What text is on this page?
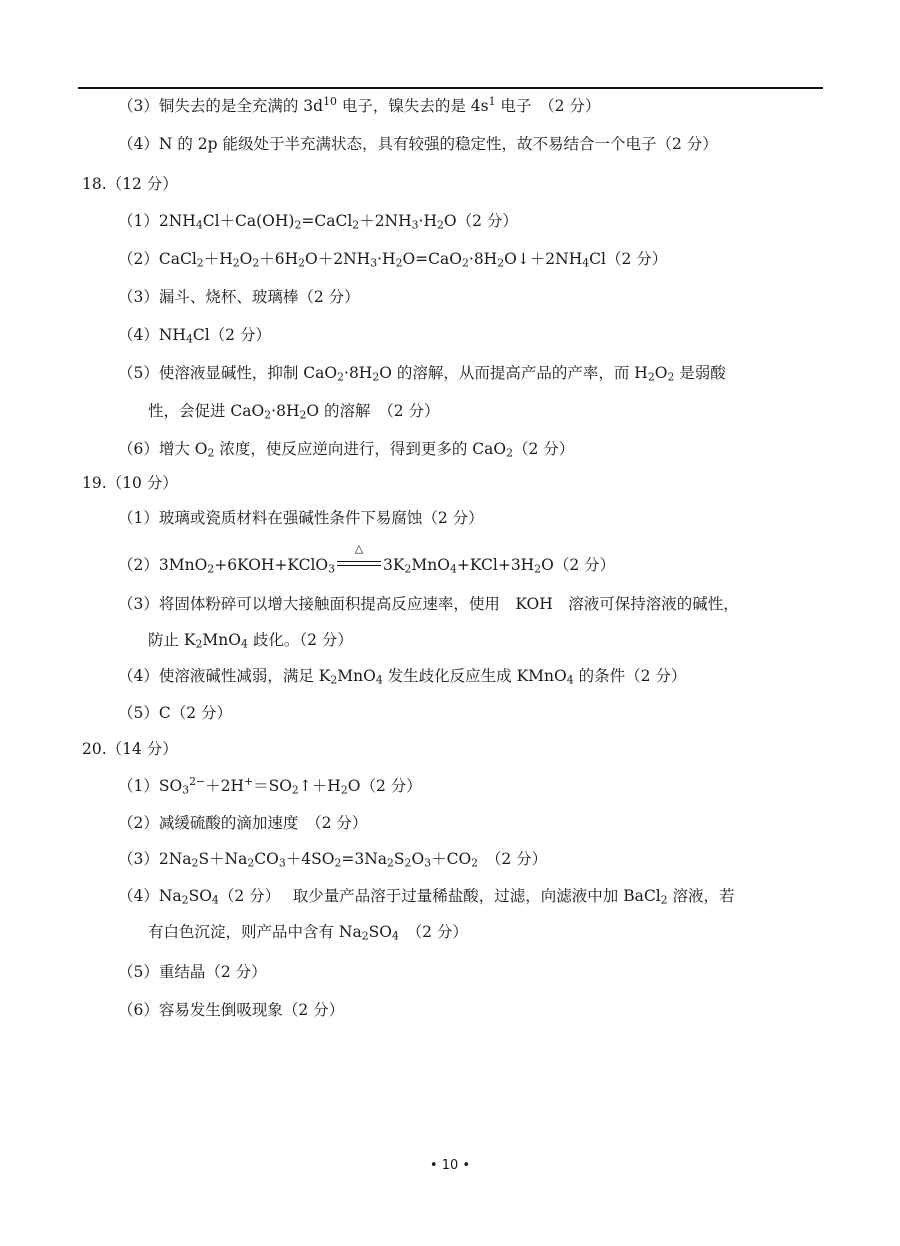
（3）铜失去的是全充满的 $3d^{10}$ 电子，镍失去的是 $4s^1$ 电子　（2 分）
（4）N 的 2p 能级处于半充满状态，具有较强的稳定性，故不易结合一个电子（2 分）
18.（12 分）
$(1)2NH_4Cl+Ca(OH)_2=CaCl_2+2NH_3\cdot H_2O(2$ 分）
$(2)CaCl_2+H_2O_2+6H_2O+2NH_3\cdot H_2O=CaO_2\cdot 8H_2O↓+2NH_4Cl(2$ 分）
（3）漏斗、烧杯、玻璃棒（2 分）
$(4)NH_4Cl(2$ 分）
（5）使溶液显碱性，抑制 $CaO_2\cdot 8H_2O$ 的溶解，从而提高产品的产率，而 $H_2O_2$ 是弱酸
性，会促进 $CaO_2\cdot 8H_2O$ 的溶解　（2 分）
（6）增大 $O_2$ 浓度，使反应逆向进行，得到更多的 CaO$_2$（2 分）
19.（10 分）
（1）玻璃或瓷质材料在强碱性条件下易腐蚀（2 分）
（2）3MnO$_2$+6KOH+KClO$_3$
△
$3K_2MnO_4+KCl+3H_2O(2$ 分）
（3）将固体粉碎可以增大接触面积提高反应速率，使用　KOH　溶液可保持溶液的碱性，
防止 $K_2MnO_4$ 歧化。（2 分）
（4）使溶液碱性减弱，满足 $K_2MnO_4$ 发生歧化反应生成 KMnO$_4$ 的条件（2 分）
（5）C（2 分）
20.（14 分）
$(1)SO_3^{2-}+2H^+=SO_2↑+H_2O(2$ 分）
（2）减缓硫酸的滴加速度　（2 分）
$(3)2Na_2S+Na_2CO_3+4SO_2=3Na_2S_2O_3+CO_2$　（2 分）
$(4)Na_2SO_4(2$ 分）　 取少量产品溶于过量稀盐酸，过滤，向滤液中加 BaCl$_2$ 溶液，若
有白色沉淀，则产品中含有 $Na_2SO_4$　（2 分）
（5）重结晶（2 分）
（6）容易发生倒吸现象（2 分）
• 10 •
